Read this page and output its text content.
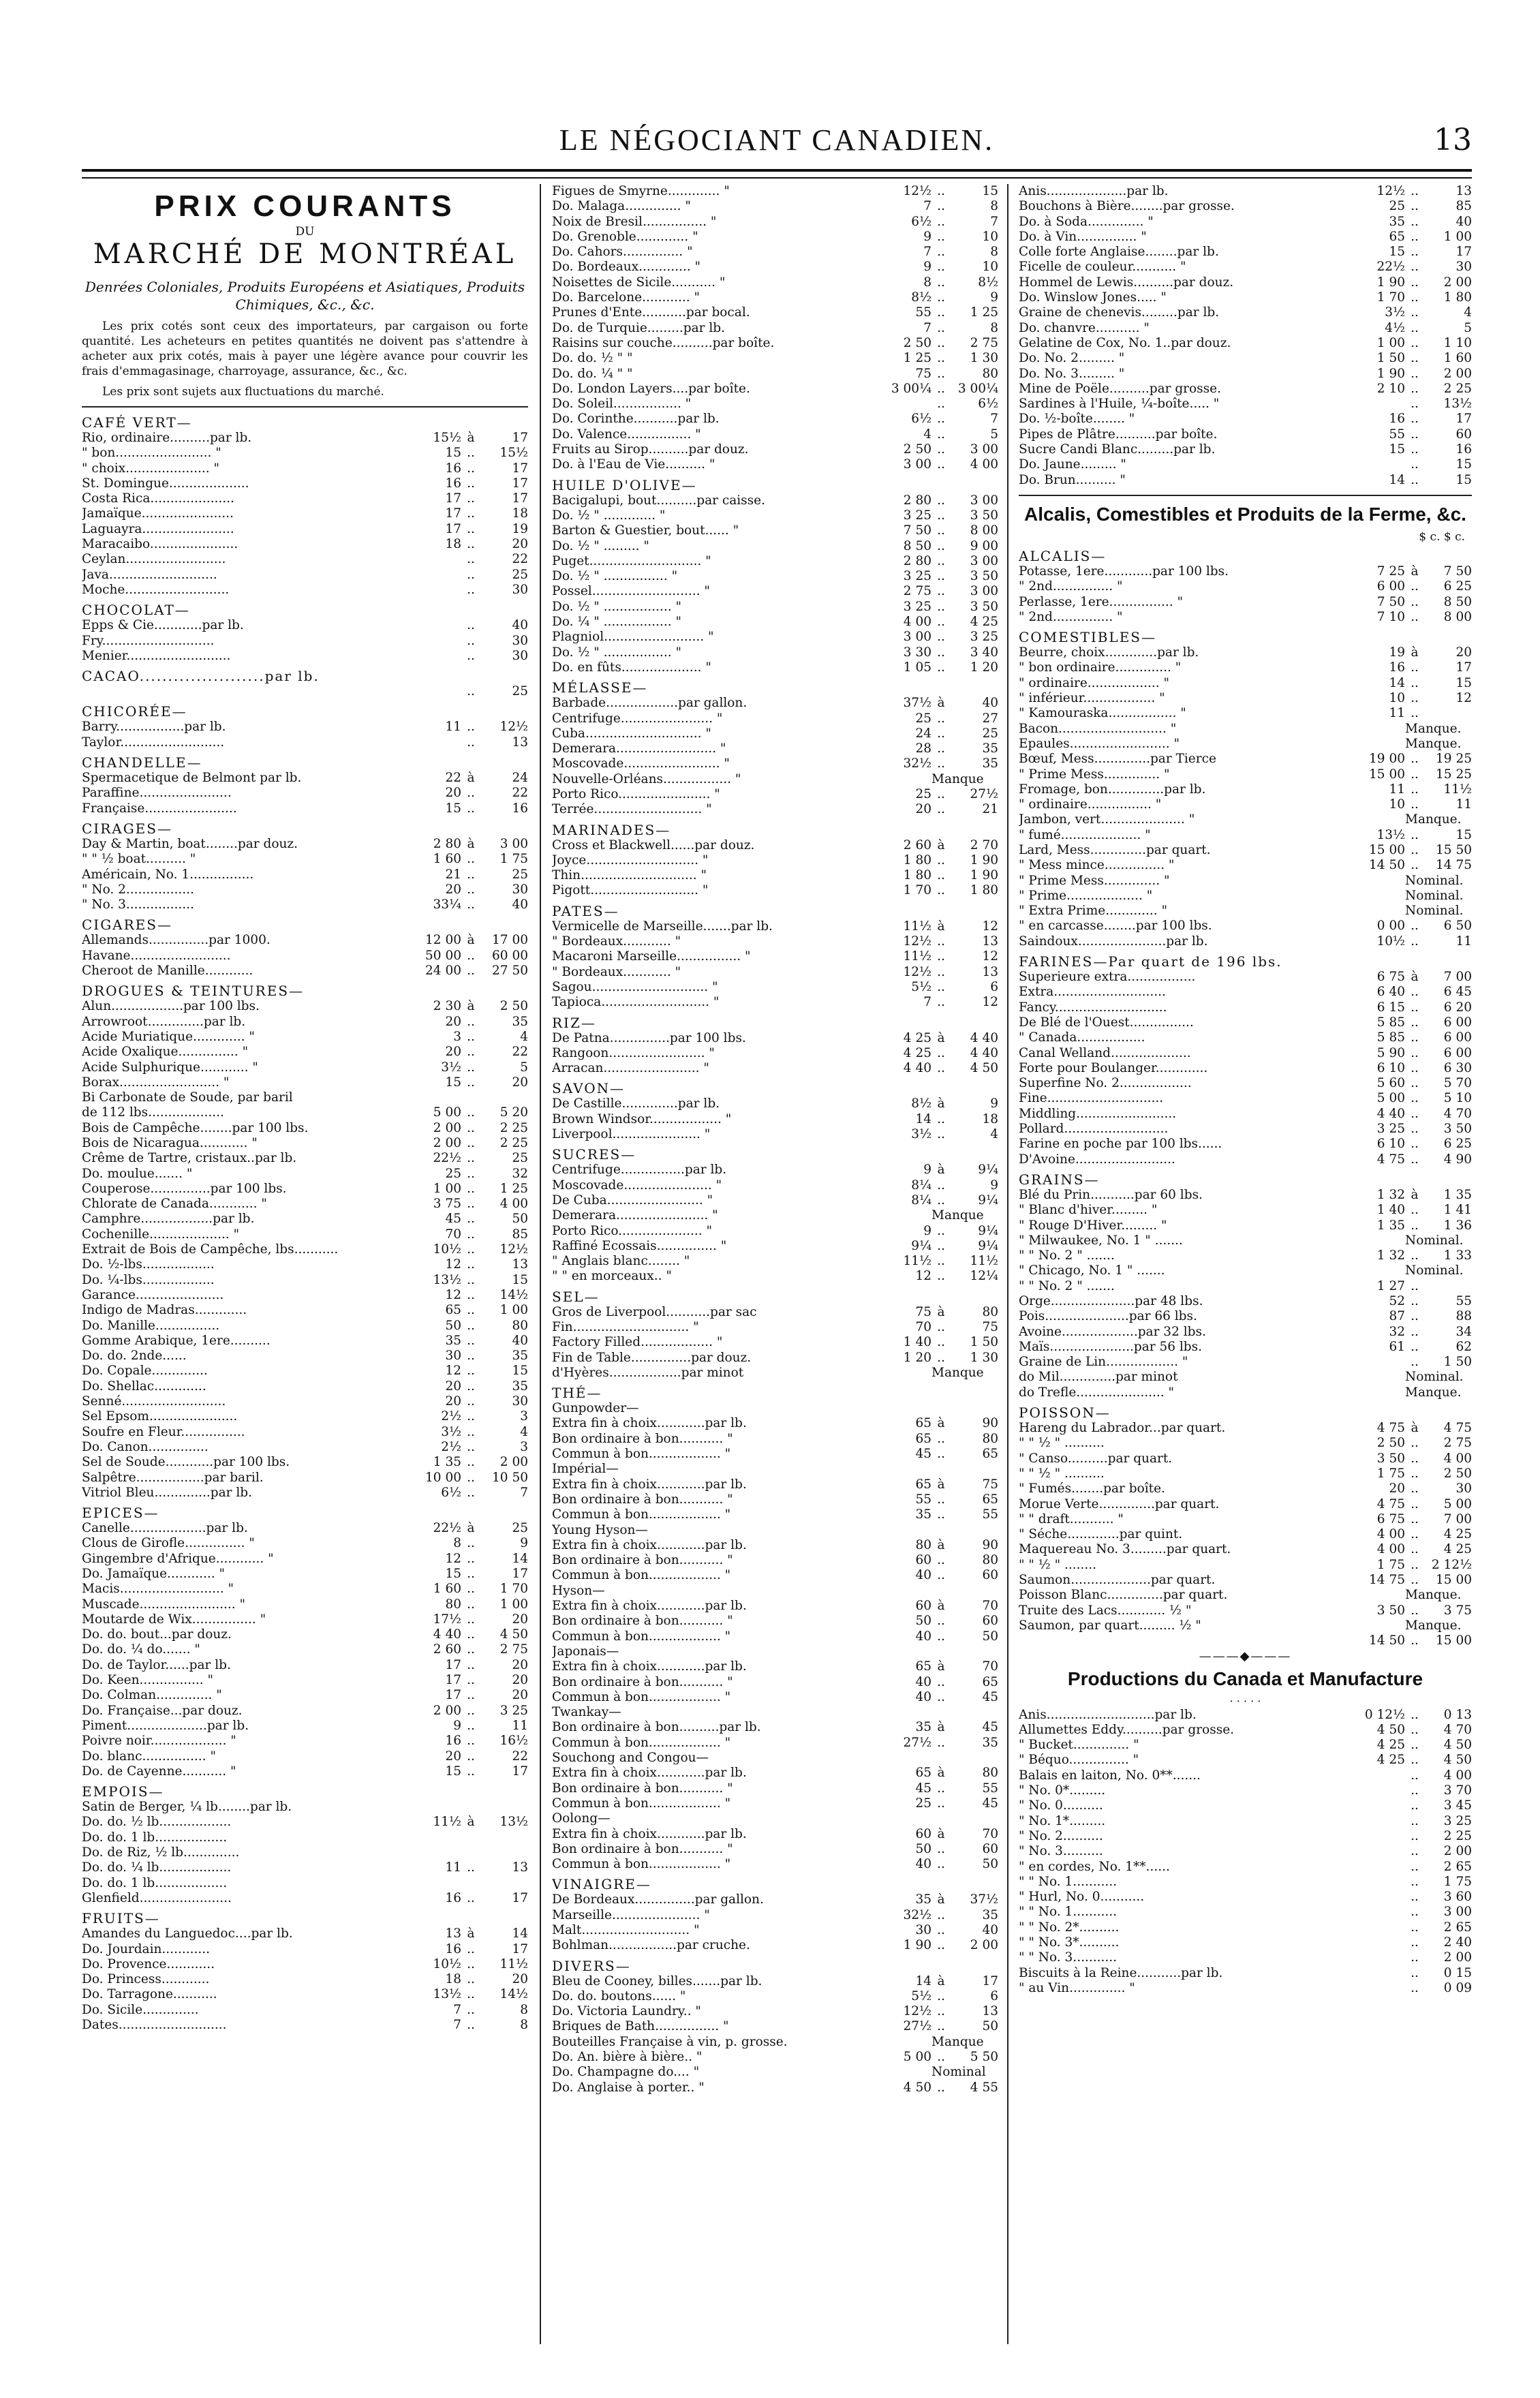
LE NÉGOCIANT CANADIEN.	13
PRIX COURANTS
DU
MARCHÉ DE MONTRÉAL
Denrées Coloniales, Produits Européens et Asiatiques, Produits Chimiques, &c., &c.

Les prix cotés sont ceux des importateurs, par cargaison ou forte quantité. Les acheteurs en petites quantités ne doivent pas s'attendre à acheter aux prix cotés, mais à payer une légère avance pour couvrir les frais d'emmagasinage, charroyage, assurance, &c., &c.

Les prix sont sujets aux fluctuations du marché.

CAFÉ VERT—
Rio, ordinaire..........par lb.	15½ à	17
" bon........................ "	15 ..	15½
" choix..................... "	16 ..	17
St. Domingue....................	16 ..	17
Costa Rica.....................	17 ..	17
Jamaïque.......................	17 ..	18
Laguayra.......................	17 ..	19
Maracaibo......................	18 ..	20
Ceylan.........................	..	22
Java...........................	..	25
Moche..........................	..	30
CHOCOLAT—
Epps & Cie............par lb.	..	40
Fry............................	..	30
Menier..........................	..	30
CACAO......................par lb.
..	25
CHICORÉE—
Barry.................par lb.	11 ..	12½
Taylor..........................	..	13
CHANDELLE—
Spermacetique de Belmont par lb.	22 à	24
Paraffine.......................	20 ..	22
Française.......................	15 ..	16
CIRAGES—
Day & Martin, boat........par douz.	2 80 à	3 00
" " ½ boat.......... "	1 60 ..	1 75
Américain, No. 1................	21 ..	25
" No. 2.................	20 ..	30
" No. 3.................	33¼ ..	40
CIGARES—
Allemands...............par 1000.	12 00 à	17 00
Havane.........................	50 00 ..	60 00
Cheroot de Manille............	24 00 ..	27 50
DROGUES & TEINTURES—
Alun..................par 100 lbs.	2 30 à	2 50
Arrowroot..............par lb.	20 ..	35
Acide Muriatique............. "	3 ..	4
Acide Oxalique............... "	20 ..	22
Acide Sulphurique............ "	3½ ..	5
Borax......................... "	15 ..	20
Bi Carbonate de Soude, par baril
de 112 lbs...................	5 00 ..	5 20
Bois de Campêche........par 100 lbs.	2 00 ..	2 25
Bois de Nicaragua............ "	2 00 ..	2 25
Crême de Tartre, cristaux..par lb.	22½ ..	25
Do. moulue....... "	25 ..	32
Couperose...............par 100 lbs.	1 00 ..	1 25
Chlorate de Canada............ "	3 75 ..	4 00
Camphre..................par lb.	45 ..	50
Cochenille.................... "	70 ..	85
Extrait de Bois de Campêche, lbs...........	10½ ..	12½
Do. ½-lbs..................	12 ..	13
Do. ¼-lbs..................	13½ ..	15
Garance......................	12 ..	14½
Indigo de Madras.............	65 ..	1 00
Do. Manille................	50 ..	80
Gomme Arabique, 1ere..........	35 ..	40
Do. do. 2nde......	30 ..	35
Do. Copale..............	12 ..	15
Do. Shellac.............	20 ..	35
Senné..........................	20 ..	30
Sel Epsom......................	2½ ..	3
Soufre en Fleur................	3½ ..	4
Do. Canon...............	2½ ..	3
Sel de Soude............par 100 lbs.	1 35 ..	2 00
Salpêtre.................par baril.	10 00 ..	10 50
Vitriol Bleu..............par lb.	6½ ..	7
EPICES—
Canelle...................par lb.	22½ à	25
Clous de Girofle............... "	8 ..	9
Gingembre d'Afrique............ "	12 ..	14
Do. Jamaïque............ "	15 ..	17
Macis.......................... "	1 60 ..	1 70
Muscade........................ "	80 ..	1 00
Moutarde de Wix................ "	17½ ..	20
Do. do. bout...par douz.	4 40 ..	4 50
Do. do. ¼ do....... "	2 60 ..	2 75
Do. de Taylor......par lb.	17 ..	20
Do. Keen................ "	17 ..	20
Do. Colman.............. "	17 ..	20
Do. Française...par douz.	2 00 ..	3 25
Piment....................par lb.	9 ..	11
Poivre noir................... "	16 ..	16½
Do. blanc................ "	20 ..	22
Do. de Cayenne........... "	15 ..	17
EMPOIS—
Satin de Berger, ¼ lb........par lb.
Do. do. ½ lb..................	11½ à	13½
Do. do. 1 lb..................
Do. de Riz, ½ lb..............
Do. do. ¼ lb..................	11 ..	13
Do. do. 1 lb..................
Glenfield.......................	16 ..	17
FRUITS—
Amandes du Languedoc....par lb.	13 à	14
Do. Jourdain............	16 ..	17
Do. Provence............	10½ ..	11½
Do. Princess............	18 ..	20
Do. Tarragone...........	13½ ..	14½
Do. Sicile..............	7 ..	8
Dates...........................	7 ..	8
Figues de Smyrne............. "	12½ ..	15
Do. Malaga.............. "	7 ..	8
Noix de Bresil................ "	6½ ..	7
Do. Grenoble............. "	9 ..	10
Do. Cahors............... "	7 ..	8
Do. Bordeaux............. "	9 ..	10
Noisettes de Sicile........... "	8 ..	8½
Do. Barcelone............ "	8½ ..	9
Prunes d'Ente...........par bocal.	55 ..	1 25
Do. de Turquie.........par lb.	7 ..	8
Raisins sur couche..........par boîte.	2 50 ..	2 75
Do. do. ½ " "	1 25 ..	1 30
Do. do. ¼ " "	75 ..	80
Do. London Layers....par boîte.	3 00¼ ..	3 00¼
Do. Soleil................. "	..	6½
Do. Corinthe...........par lb.	6½ ..	7
Do. Valence................ "	4 ..	5
Fruits au Sirop..........par douz.	2 50 ..	3 00
Do. à l'Eau de Vie.......... "	3 00 ..	4 00
HUILE D'OLIVE—
Bacigalupi, bout..........par caisse.	2 80 ..	3 00
Do. ½ " ............. "	3 25 ..	3 50
Barton & Guestier, bout...... "	7 50 ..	8 00
Do. ½ " ......... "	8 50 ..	9 00
Puget............................ "	2 80 ..	3 00
Do. ½ " ................ "	3 25 ..	3 50
Possel........................... "	2 75 ..	3 00
Do. ½ " ................. "	3 25 ..	3 50
Do. ¼ " ................. "	4 00 ..	4 25
Plagniol......................... "	3 00 ..	3 25
Do. ½ " ................. "	3 30 ..	3 40
Do. en fûts.................... "	1 05 ..	1 20
MÉLASSE—
Barbade..................par gallon.	37½ à	40
Centrifuge....................... "	25 ..	27
Cuba............................. "	24 ..	25
Demerara......................... "	28 ..	35
Moscovade........................ "	32½ ..	35
Nouvelle-Orléans................. "	Manque
Porto Rico....................... "	25 ..	27½
Terrée........................... "	20 ..	21
MARINADES—
Cross et Blackwell......par douz.	2 60 à	2 70
Joyce............................ "	1 80 ..	1 90
Thin............................. "	1 80 ..	1 90
Pigott........................... "	1 70 ..	1 80
PATES—
Vermicelle de Marseille.......par lb.	11½ à	12
" Bordeaux............ "	12½ ..	13
Macaroni Marseille................ "	11½ ..	12
" Bordeaux............ "	12½ ..	13
Sagou............................. "	5½ ..	6
Tapioca........................... "	7 ..	12
RIZ—
De Patna...............par 100 lbs.	4 25 à	4 40
Rangoon........................ "	4 25 ..	4 40
Arracan........................ "	4 40 ..	4 50
SAVON—
De Castille..............par lb.	8½ à	9
Brown Windsor.................. "	14 ..	18
Liverpool...................... "	3½ ..	4
SUCRES—
Centrifuge................par lb.	9 à	9¼
Moscovade...................... "	8¼ ..	9
De Cuba........................ "	8¼ ..	9¼
Demerara....................... "	Manque
Porto Rico..................... "	9 ..	9¼
Raffiné Ecossais............... "	9¼ ..	9¼
" Anglais blanc........ "	11½ ..	11½
" " en morceaux.. "	12 ..	12¼
SEL—
Gros de Liverpool...........par sac	75 à	80
Fin............................. "	70 ..	75
Factory Filled.................. "	1 40 ..	1 50
Fin de Table...............par douz.	1 20 ..	1 30
d'Hyères..................par minot	Manque
THÉ—
Gunpowder—
Extra fin à choix............par lb.	65 à	90
Bon ordinaire à bon........... "	65 ..	80
Commun à bon.................. "	45 ..	65
Impérial—
Extra fin à choix............par lb.	65 à	75
Bon ordinaire à bon........... "	55 ..	65
Commun à bon.................. "	35 ..	55
Young Hyson—
Extra fin à choix............par lb.	80 à	90
Bon ordinaire à bon........... "	60 ..	80
Commun à bon.................. "	40 ..	60
Hyson—
Extra fin à choix............par lb.	60 à	70
Bon ordinaire à bon........... "	50 ..	60
Commun à bon.................. "	40 ..	50
Japonais—
Extra fin à choix............par lb.	65 à	70
Bon ordinaire à bon........... "	40 ..	65
Commun à bon.................. "	40 ..	45
Twankay—
Bon ordinaire à bon..........par lb.	35 à	45
Commun à bon.................. "	27½ ..	35
Souchong and Congou—
Extra fin à choix............par lb.	65 à	80
Bon ordinaire à bon........... "	45 ..	55
Commun à bon.................. "	25 ..	45
Oolong—
Extra fin à choix............par lb.	60 à	70
Bon ordinaire à bon........... "	50 ..	60
Commun à bon.................. "	40 ..	50
VINAIGRE—
De Bordeaux...............par gallon.	35 à	37½
Marseille...................... "	32½ ..	35
Malt........................... "	30 ..	40
Bohlman.................par cruche.	1 90 ..	2 00
DIVERS—
Bleu de Cooney, billes.......par lb.	14 à	17
Do. do. boutons...... "	5½ ..	6
Do. Victoria Laundry.. "	12½ ..	13
Briques de Bath................ "	27½ ..	50
Bouteilles Française à vin, p. grosse.	Manque
Do. An. bière à bière.. "	5 00 ..	5 50
Do. Champagne do.... "	Nominal
Do. Anglaise à porter.. "	4 50 ..	4 55
Anis....................par lb.	12½ ..	13
Bouchons à Bière........par grosse.	25 ..	85
Do. à Soda.............. "	35 ..	40
Do. à Vin............... "	65 ..	1 00
Colle forte Anglaise........par lb.	15 ..	17
Ficelle de couleur........... "	22½ ..	30
Hommel de Lewis..........par douz.	1 90 ..	2 00
Do. Winslow Jones..... "	1 70 ..	1 80
Graine de chenevis.........par lb.	3½ ..	4
Do. chanvre........... "	4½ ..	5
Gelatine de Cox, No. 1..par douz.	1 00 ..	1 10
Do. No. 2......... "	1 50 ..	1 60
Do. No. 3......... "	1 90 ..	2 00
Mine de Poële..........par grosse.	2 10 ..	2 25
Sardines à l'Huile, ¼-boîte..... "	..	13½
Do. ½-boîte........ "	16 ..	17
Pipes de Plâtre..........par boîte.	55 ..	60
Sucre Candi Blanc.........par lb.	15 ..	16
Do. Jaune......... "	..	15
Do. Brun.......... "	14 ..	15
Alcalis, Comestibles et Produits de la Ferme, &c.
$ c. $ c.
ALCALIS—
Potasse, 1ere............par 100 lbs.	7 25 à	7 50
" 2nd............... "	6 00 ..	6 25
Perlasse, 1ere................ "	7 50 ..	8 50
" 2nd............... "	7 10 ..	8 00
COMESTIBLES—
Beurre, choix.............par lb.	19 à	20
" bon ordinaire.............. "	16 ..	17
" ordinaire.................. "	14 ..	15
" inférieur.................. "	10 ..	12
" Kamouraska................. "	11 ..
Bacon........................... "	Manque.
Epaules......................... "	Manque.
Bœuf, Mess..............par Tierce	19 00 ..	19 25
" Prime Mess.............. "	15 00 ..	15 25
Fromage, bon..............par lb.	11 ..	11½
" ordinaire................ "	10 ..	11
Jambon, vert..................... "	Manque.
" fumé.................... "	13½ ..	15
Lard, Mess..............par quart.	15 00 ..	15 50
" Mess mince............... "	14 50 ..	14 75
" Prime Mess.............. "	Nominal.
" Prime................... "	Nominal.
" Extra Prime............. "	Nominal.
" en carcasse........par 100 lbs.	0 00 ..	6 50
Saindoux......................par lb.	10½ ..	11
FARINES—Par quart de 196 lbs.
Superieure extra.................	6 75 à	7 00
Extra............................	6 40 ..	6 45
Fancy............................	6 15 ..	6 20
De Blé de l'Ouest................	5 85 ..	6 00
" Canada.................	5 85 ..	6 00
Canal Welland....................	5 90 ..	6 00
Forte pour Boulanger.............	6 10 ..	6 30
Superfine No. 2..................	5 60 ..	5 70
Fine.............................	5 00 ..	5 10
Middling.........................	4 40 ..	4 70
Pollard..........................	3 25 ..	3 50
Farine en poche par 100 lbs......	6 10 ..	6 25
D'Avoine.........................	4 75 ..	4 90
GRAINS—
Blé du Prin...........par 60 lbs.	1 32 à	1 35
" Blanc d'hiver......... "	1 40 ..	1 41
" Rouge D'Hiver......... "	1 35 ..	1 36
" Milwaukee, No. 1 " .......	Nominal.
" " No. 2 " .......	1 32 ..	1 33
" Chicago, No. 1 " .......	Nominal.
" " No. 2 " .......	1 27 ..
Orge.....................par 48 lbs.	52 ..	55
Pois.....................par 66 lbs.	87 ..	88
Avoine...................par 32 lbs.	32 ..	34
Maïs.....................par 56 lbs.	61 ..	62
Graine de Lin.................. "	..	1 50
do Mil..............par minot	Nominal.
do Trefle...................... "	Manque.
POISSON—
Hareng du Labrador...par quart.	4 75 à	4 75
" " ½ " ..........	2 50 ..	2 75
" Canso..........par quart.	3 50 ..	4 00
" " ½ " ..........	1 75 ..	2 50
" Fumés........par boîte.	20 ..	30
Morue Verte..............par quart.	4 75 ..	5 00
" " draft........... "	6 75 ..	7 00
" Séche.............par quint.	4 00 ..	4 25
Maquereau No. 3.........par quart.	4 00 ..	4 25
" " ½ " ........	1 75 ..	2 12½
Saumon....................par quart.	14 75 ..	15 00
Poisson Blanc..............par quart.	Manque.
Truite des Lacs............ ½ "	3 50 ..	3 75
Saumon, par quart......... ½ "	Manque.
14 50 ..	15 00
———◆———
Productions du Canada et Manufacture
· · · · ·
Anis...........................par lb.	0 12½ ..	0 13
Allumettes Eddy..........par grosse.	4 50 ..	4 70
" Bucket.............. "	4 25 ..	4 50
" Béquo............... "	4 25 ..	4 50
Balais en laiton, No. 0**.......	..	4 00
" No. 0*.........	..	3 70
" No. 0..........	..	3 45
" No. 1*.........	..	3 25
" No. 2..........	..	2 25
" No. 3..........	..	2 00
" en cordes, No. 1**......	..	2 65
" " No. 1...........	..	1 75
" Hurl, No. 0...........	..	3 60
" " No. 1...........	..	3 00
" " No. 2*..........	..	2 65
" " No. 3*..........	..	2 40
" " No. 3...........	..	2 00
Biscuits à la Reine...........par lb.	..	0 15
" au Vin.............. "	..	0 09
